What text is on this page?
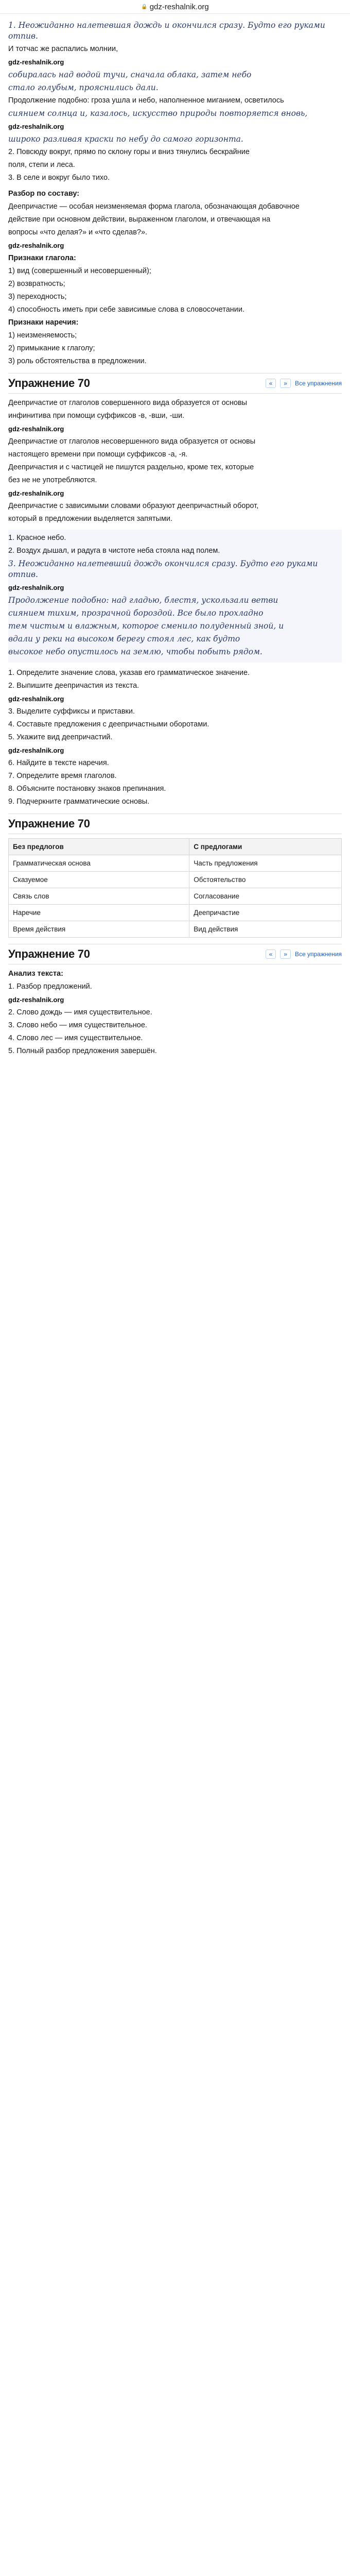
🔒 gdz-reshalnik.org
1. Неожиданно налетевшая дождь и окончился сразу. Будто его руками отпив.
И тотчас же распались молнии,
gdz-reshalnik.org
собиралась над водой тучи, сначала облака, затем небо
стало голубым, прояснились дали.
Продолжение подобно: гроза ушла и небо, наполненное миганием, осветилось
сиянием солнца и, казалось, искусство природы повторяется вновь,
gdz-reshalnik.org
широко разливая краски по небу до самого горизонта.
2. Повсюду вокруг, прямо по склону горы и вниз тянулись бескрайние
поля, степи и леса.
3. В селе и вокруг было тихо.
Разбор по составу:
Деепричастие — особая неизменяемая форма глагола, обозначающая добавочное
действие при основном действии, выраженном глаголом, и отвечающая на
вопросы «что делая?» и «что сделав?».
gdz-reshalnik.org
Признаки глагола:
1) вид (совершенный и несовершенный);
2) возвратность;
3) переходность;
4) способность иметь при себе зависимые слова в словосочетании.
Признаки наречия:
1) неизменяемость;
2) примыкание к глаголу;
3) роль обстоятельства в предложении.
Упражнение 70	«	»	Все упражнения
Деепричастие от глаголов совершенного вида образуется от основы
инфинитива при помощи суффиксов -в, -вши, -ши.
gdz-reshalnik.org
Деепричастие от глаголов несовершенного вида образуется от основы
настоящего времени при помощи суффиксов -а, -я.
Деепричастия и с частицей не пишутся раздельно, кроме тех, которые
без не не употребляются.
gdz-reshalnik.org
Деепричастие с зависимыми словами образуют деепричастный оборот,
который в предложении выделяется запятыми.
1. Красное небо.
2. Воздух дышал, и радуга в чистоте неба стояла над полем.
3. Неожиданно налетевший дождь окончился сразу. Будто его руками отпив.
gdz-reshalnik.org
Продолжение подобно: над гладью, блестя, ускользали ветви
сиянием тихим, прозрачной бороздой. Все было прохладно
тем чистым и влажным, которое сменило полуденный зной, и
вдали у реки на высоком берегу стоял лес, как будто
высокое небо опустилось на землю, чтобы побыть рядом.
1. Определите значение слова, указав его грамматическое значение.
2. Выпишите деепричастия из текста.
gdz-reshalnik.org
3. Выделите суффиксы и приставки.
4. Составьте предложения с деепричастными оборотами.
5. Укажите вид деепричастий.
gdz-reshalnik.org
6. Найдите в тексте наречия.
7. Определите время глаголов.
8. Объясните постановку знаков препинания.
9. Подчеркните грамматические основы.
Упражнение 70
Без предлогов	С предлогами
Грамматическая основа	Часть предложения
Сказуемое	Обстоятельство
Связь слов	Согласование
Наречие	Деепричастие
Время действия	Вид действия
Упражнение 70	«	»	Все упражнения
Анализ текста:
1. Разбор предложений.
gdz-reshalnik.org
2. Слово дождь — имя существительное.
3. Слово небо — имя существительное.
4. Слово лес — имя существительное.
5. Полный разбор предложения завершён.
